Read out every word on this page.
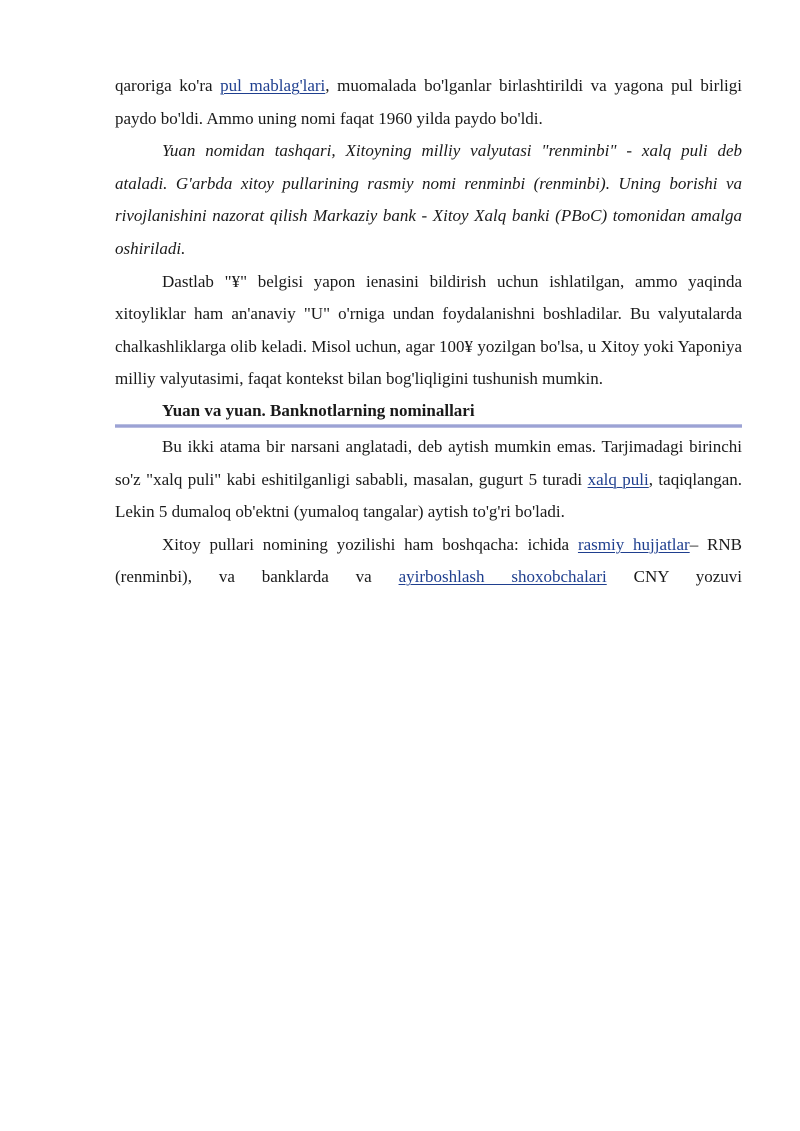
qaroriga ko'ra pul mablag'lari, muomalada bo'lganlar birlashtirildi va yagona pul birligi paydo bo'ldi. Ammo uning nomi faqat 1960 yilda paydo bo'ldi.

Yuan nomidan tashqari, Xitoyning milliy valyutasi "renminbi" - xalq puli deb ataladi. G'arbda xitoy pullarining rasmiy nomi renminbi (renminbi). Uning borishi va rivojlanishini nazorat qilish Markaziy bank - Xitoy Xalq banki (PBoC) tomonidan amalga oshiriladi.

Dastlab "¥" belgisi yapon ienasini bildirish uchun ishlatilgan, ammo yaqinda xitoyliklar ham an'anaviy "U" o'rniga undan foydalanishni boshladilar. Bu valyutalarda chalkashliklarga olib keladi. Misol uchun, agar 100¥ yozilgan bo'lsa, u Xitoy yoki Yaponiya milliy valyutasimi, faqat kontekst bilan bog'liqligini tushunish mumkin.

Yuan va yuan. Banknotlarning nominallari

Bu ikki atama bir narsani anglatadi, deb aytish mumkin emas. Tarjimadagi birinchi so'z "xalq puli" kabi eshitilganligi sababli, masalan, gugurt 5 turadi xalq puli, taqiqlangan. Lekin 5 dumaloq ob'ektni (yumaloq tangalar) aytish to'g'ri bo'ladi.

Xitoy pullari nomining yozilishi ham boshqacha: ichida rasmiy hujjatlar– RNB (renminbi), va banklarda va ayirboshlash shoxobchalari CNY yozuvi
